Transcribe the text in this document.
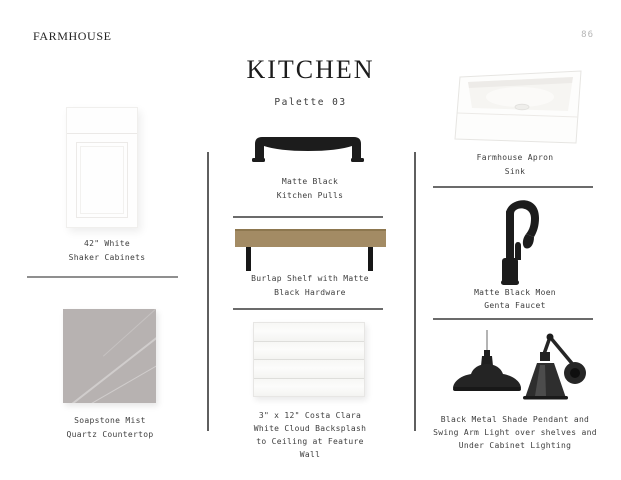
FARMHOUSE	86
KITCHEN
Palette 03
42" White
Shaker Cabinets
Soapstone Mist
Quartz Countertop
Matte Black
Kitchen Pulls
Burlap Shelf with Matte
Black Hardware
3" x 12" Costa Clara
White Cloud Backsplash
to Ceiling at Feature
Wall
Farmhouse Apron
Sink
Matte Black Moen
Genta Faucet
Black Metal Shade Pendant and
Swing Arm Light over shelves and
Under Cabinet Lighting
